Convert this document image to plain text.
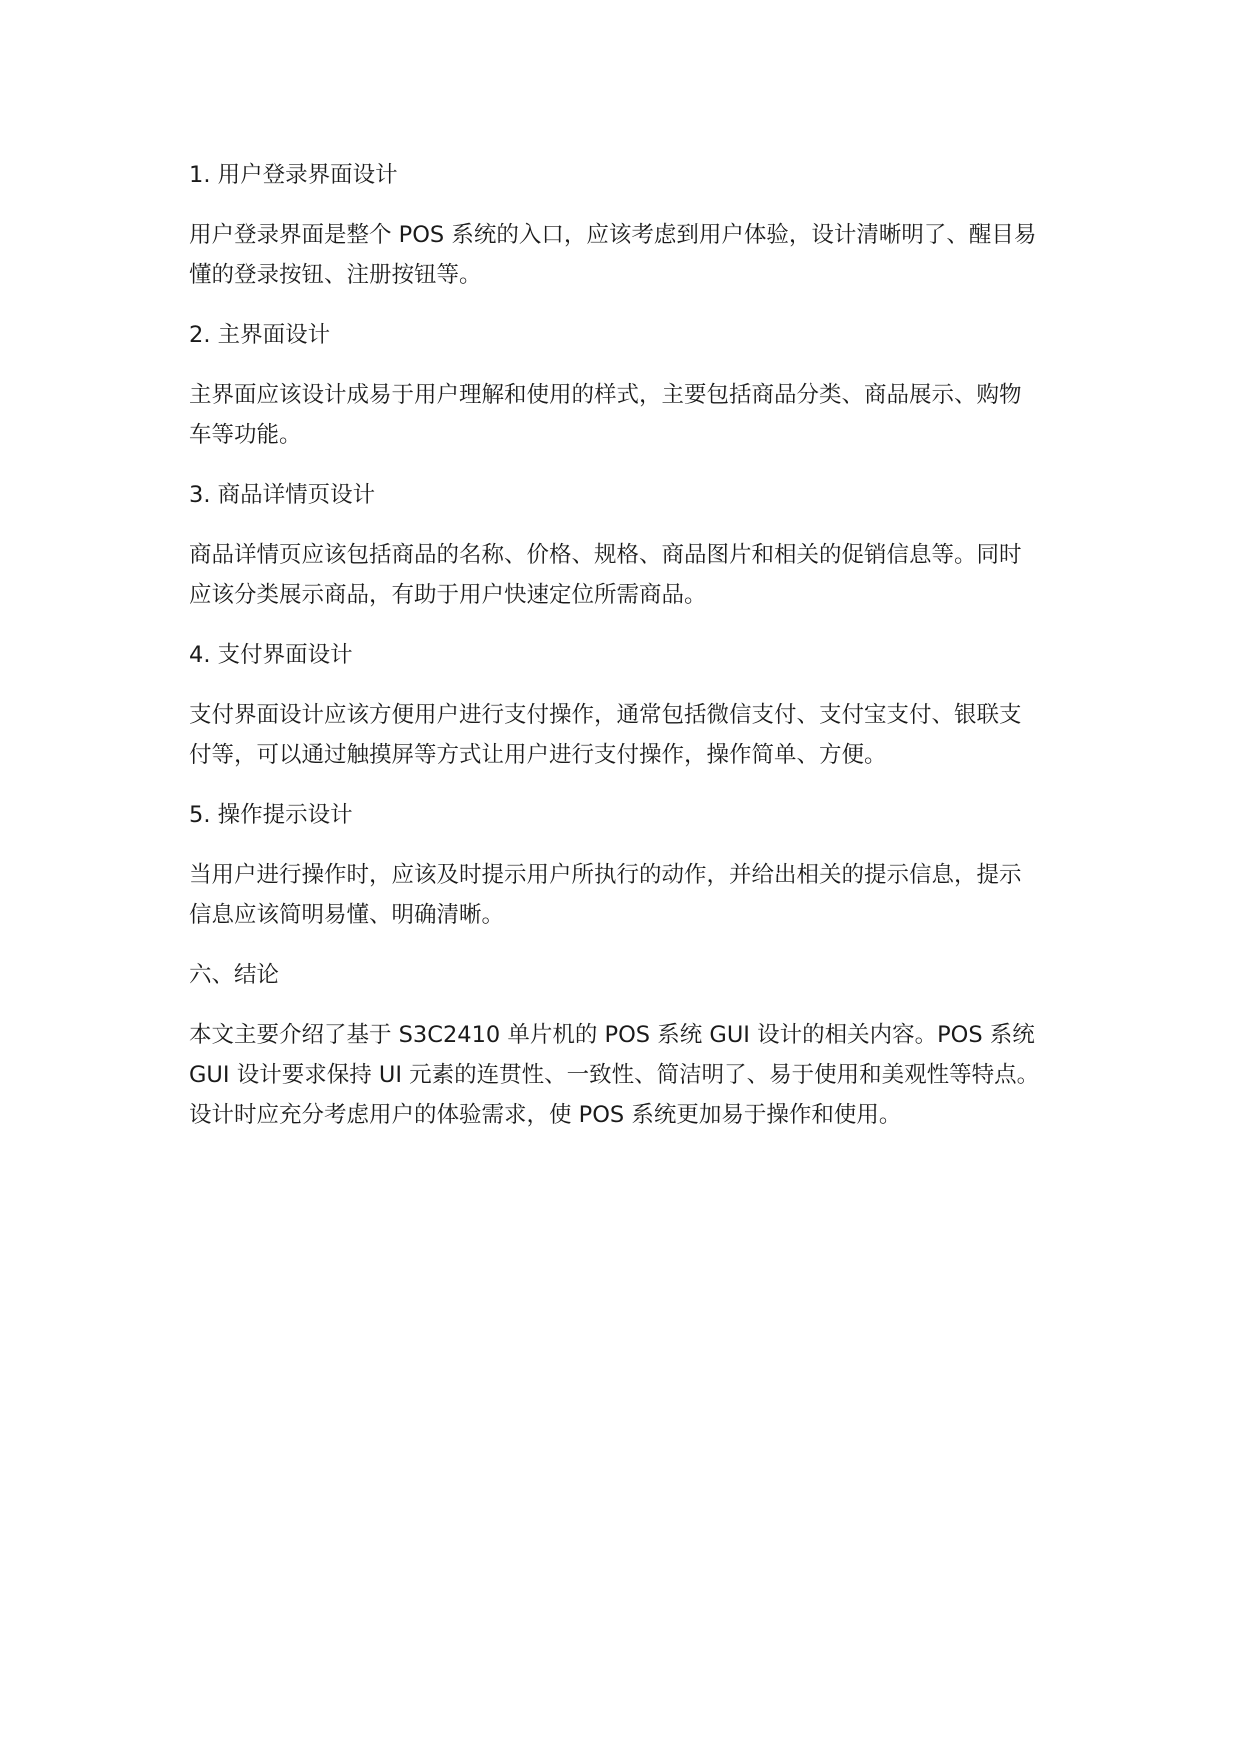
1. 用户登录界面设计

用户登录界面是整个 POS 系统的入口，应该考虑到用户体验，设计清晰明了、醒目易
懂的登录按钮、注册按钮等。

2. 主界面设计

主界面应该设计成易于用户理解和使用的样式，主要包括商品分类、商品展示、购物
车等功能。

3. 商品详情页设计

商品详情页应该包括商品的名称、价格、规格、商品图片和相关的促销信息等。同时
应该分类展示商品，有助于用户快速定位所需商品。

4. 支付界面设计

支付界面设计应该方便用户进行支付操作，通常包括微信支付、支付宝支付、银联支
付等，可以通过触摸屏等方式让用户进行支付操作，操作简单、方便。

5. 操作提示设计

当用户进行操作时，应该及时提示用户所执行的动作，并给出相关的提示信息，提示
信息应该简明易懂、明确清晰。

六、结论

本文主要介绍了基于 S3C2410 单片机的 POS 系统 GUI 设计的相关内容。POS 系统
GUI 设计要求保持 UI 元素的连贯性、一致性、简洁明了、易于使用和美观性等特点。
设计时应充分考虑用户的体验需求，使 POS 系统更加易于操作和使用。
